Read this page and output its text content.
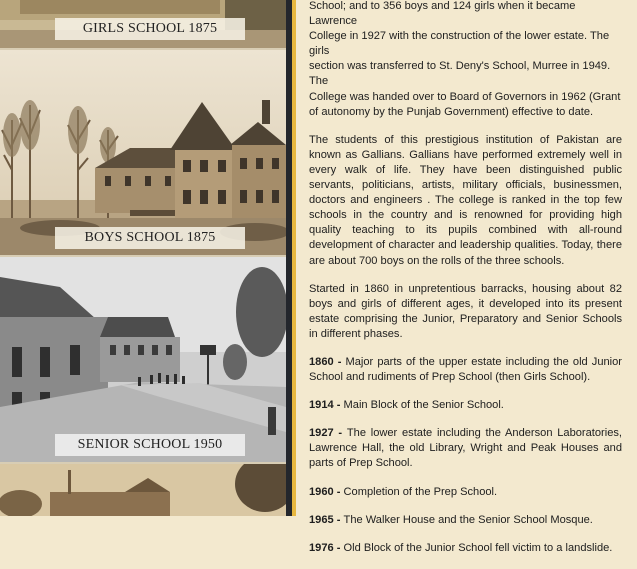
GIRLS SCHOOL 1875
BOYS SCHOOL 1875
SENIOR SCHOOL 1950

School; and to 356 boys and 124 girls when it became Lawrence
College in 1927 with the construction of the lower estate. The girls
section was transferred to St. Deny's School, Murree in 1949. The
College was handed over to Board of Governors in 1962 (Grant
of autonomy by the Punjab Government) effective to date.

The students of this prestigious institution of Pakistan are known as Gallians. Gallians have performed extremely well in every walk of life. They have been distinguished public servants, politicians, artists, military officials, businessmen, doctors and engineers . The college is ranked in the top few schools in the country and is renowned for providing high quality teaching to its pupils combined with all-round development of character and leadership qualities. Today, there are about 700 boys on the rolls of the three schools.

Started in 1860 in unpretentious barracks, housing about 82 boys and girls of different ages, it developed into its present estate comprising the Junior, Preparatory and Senior Schools in different phases.

1860 - Major parts of the upper estate including the old Junior School and rudiments of Prep School (then Girls School).

1914 - Main Block of the Senior School.

1927 - The lower estate including the Anderson Laboratories, Lawrence Hall, the old Library, Wright and Peak Houses and parts of Prep School.

1960 - Completion of the Prep School.

1965 - The Walker House and the Senior School Mosque.

1976 - Old Block of the Junior School fell victim to a landslide.
